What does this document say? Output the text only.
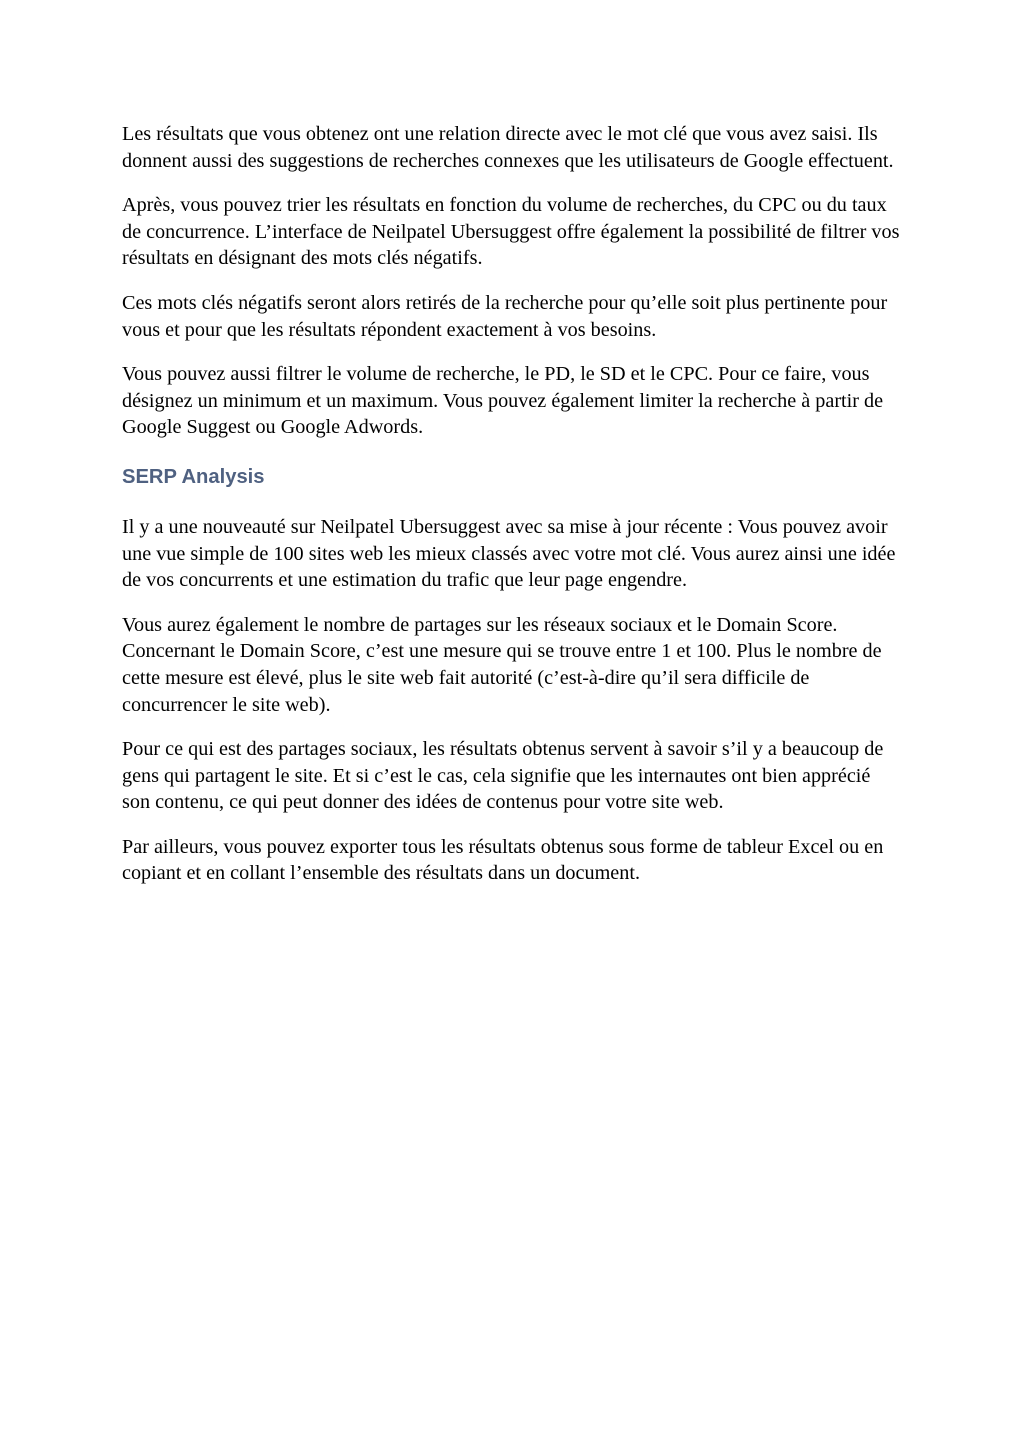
Les résultats que vous obtenez ont une relation directe avec le mot clé que vous avez saisi. Ils donnent aussi des suggestions de recherches connexes que les utilisateurs de Google effectuent.

Après, vous pouvez trier les résultats en fonction du volume de recherches, du CPC ou du taux de concurrence. L’interface de Neilpatel Ubersuggest offre également la possibilité de filtrer vos résultats en désignant des mots clés négatifs.

Ces mots clés négatifs seront alors retirés de la recherche pour qu’elle soit plus pertinente pour vous et pour que les résultats répondent exactement à vos besoins.

Vous pouvez aussi filtrer le volume de recherche, le PD, le SD et le CPC. Pour ce faire, vous désignez un minimum et un maximum. Vous pouvez également limiter la recherche à partir de Google Suggest ou Google Adwords.

SERP Analysis

Il y a une nouveauté sur Neilpatel Ubersuggest avec sa mise à jour récente : Vous pouvez avoir une vue simple de 100 sites web les mieux classés avec votre mot clé. Vous aurez ainsi une idée de vos concurrents et une estimation du trafic que leur page engendre.

Vous aurez également le nombre de partages sur les réseaux sociaux et le Domain Score. Concernant le Domain Score, c’est une mesure qui se trouve entre 1 et 100. Plus le nombre de cette mesure est élevé, plus le site web fait autorité (c’est-à-dire qu’il sera difficile de concurrencer le site web).

Pour ce qui est des partages sociaux, les résultats obtenus servent à savoir s’il y a beaucoup de gens qui partagent le site. Et si c’est le cas, cela signifie que les internautes ont bien apprécié son contenu, ce qui peut donner des idées de contenus pour votre site web.

Par ailleurs, vous pouvez exporter tous les résultats obtenus sous forme de tableur Excel ou en copiant et en collant l’ensemble des résultats dans un document.
